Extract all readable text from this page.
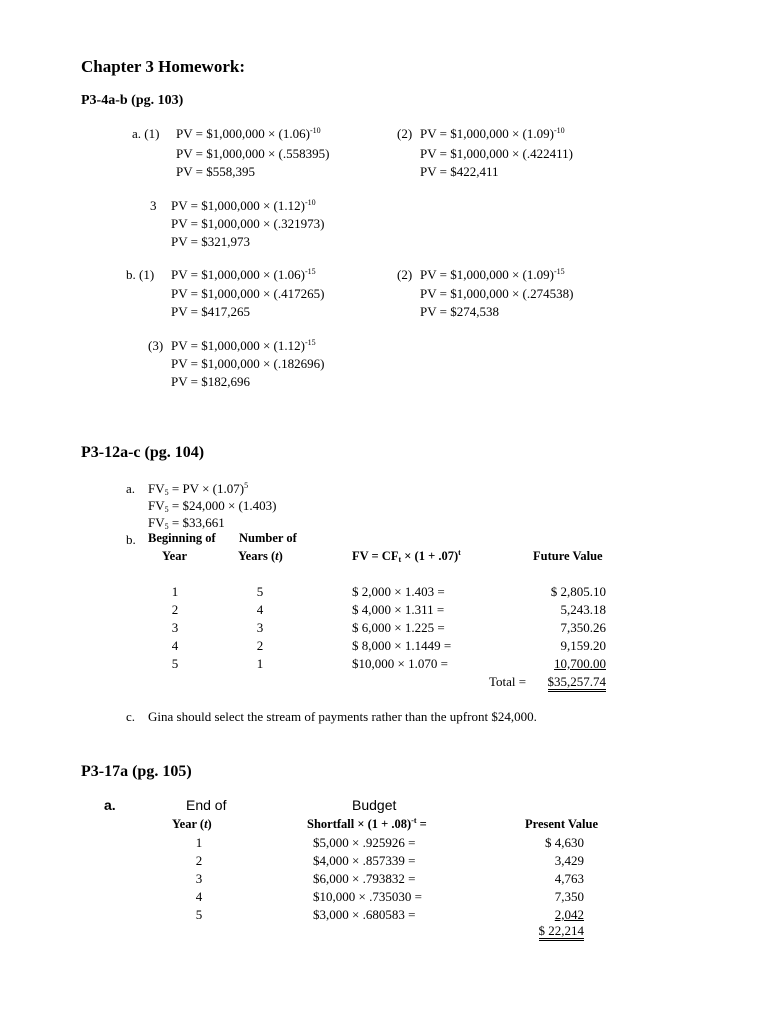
Chapter 3 Homework:
P3-4a-b (pg. 103)
a. (1) PV = $1,000,000 × $(1.06)^{-10}$
PV = $1,000,000 × (.558395)
PV = $558,395
(2) PV = $1,000,000 × $(1.09)^{-10}$
PV = $1,000,000 × (.422411)
PV = $422,411
3 PV = $1,000,000 × $(1.12)^{-10}$
PV = $1,000,000 × (.321973)
PV = $321,973
b. (1) PV = $1,000,000 × $(1.06)^{-15}$
PV = $1,000,000 × (.417265)
PV = $417,265
(2) PV = $1,000,000 × $(1.09)^{-15}$
PV = $1,000,000 × (.274538)
PV = $274,538
(3) PV = $1,000,000 × $(1.12)^{-15}$
PV = $1,000,000 × (.182696)
PV = $182,696
P3-12a-c (pg. 104)
a. $FV_5$ = PV × $(1.07)^5$
$FV_5$ = $24,000 × (1.403)
$FV_5$ = $33,661
b. Beginning of
Year
Number of
Years (t)	FV = $CF_t \times (1 + .07)^t$	Future Value
1	5	$ 2,000 × 1.403 =	$ 2,805.10
2	4	$ 4,000 × 1.311 =	5,243.18
3	3	$ 6,000 × 1.225 =	7,350.26
4	2	$ 8,000 × 1.1449 =	9,159.20
5	1	$10,000 × 1.070 =	10,700.00
Total =	$35,257.74
c. Gina should select the stream of payments rather than the upfront $24,000.
P3-17a (pg. 105)
a.	End of	Budget
Year (t)	Shortfall × $(1 + .08)^{-t}$ =	Present Value
1	$5,000 × .925926 =	$ 4,630
2	$4,000 × .857339 =	3,429
3	$6,000 × .793832 =	4,763
4	$10,000 × .735030 =	7,350
5	$3,000 × .680583 =	2,042
$ 22,214
